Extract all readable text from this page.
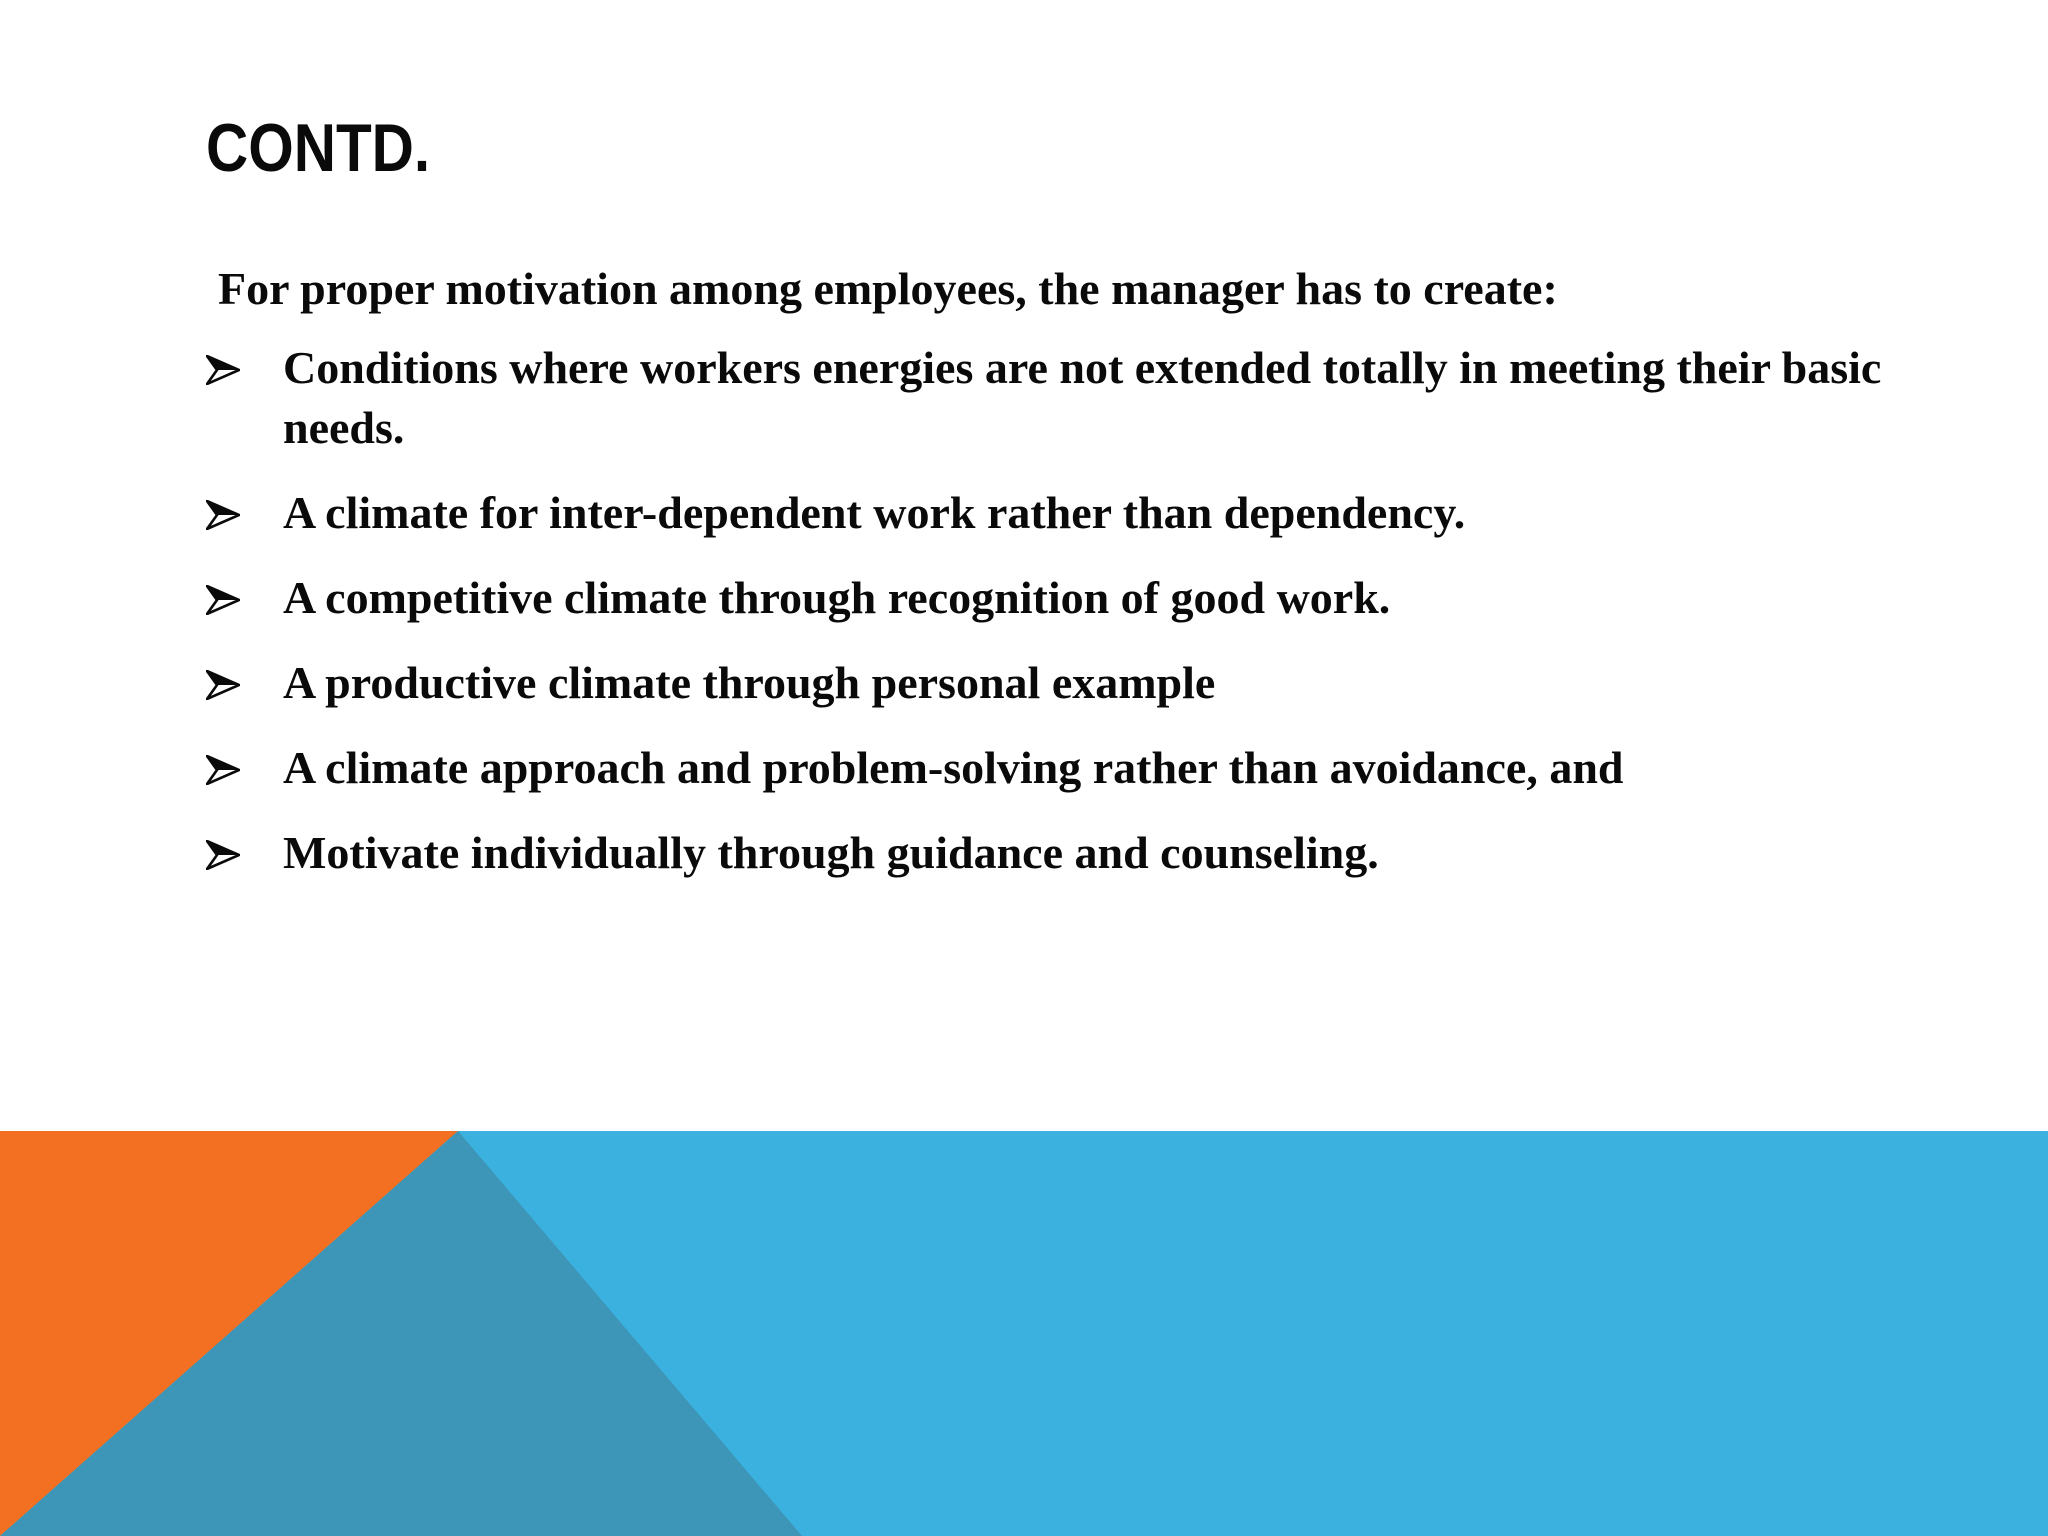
CONTD.

For proper motivation among employees, the manager has to create:

Conditions where workers energies are not extended totally in meeting their basic needs.
A climate for inter-dependent work rather than dependency.
A competitive climate through recognition of good work.
A productive climate through personal example
A climate approach and problem-solving rather than avoidance, and
Motivate individually through guidance and counseling.
